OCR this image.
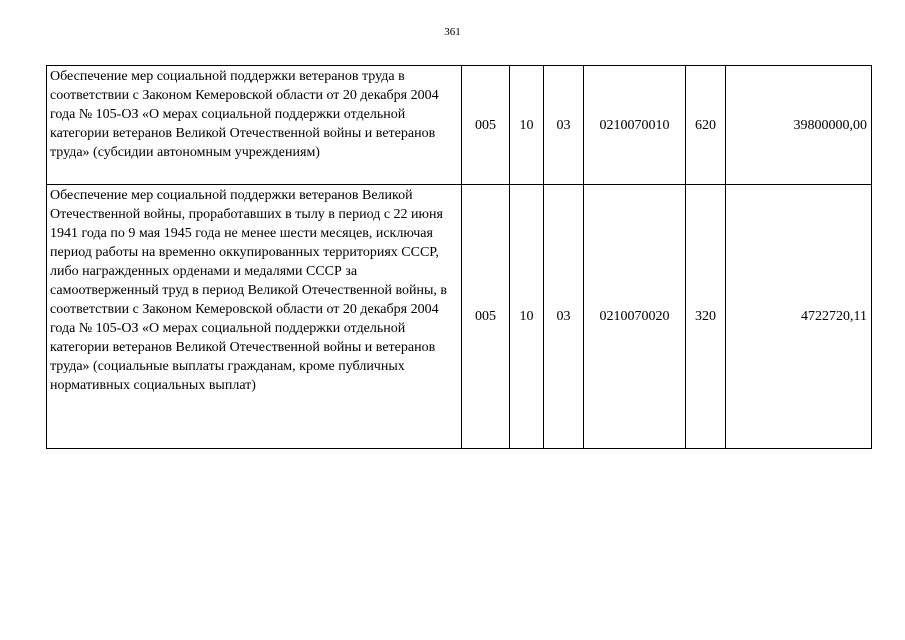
361
Обеспечение мер социальной поддержки ветеранов труда в соответствии с Законом Кемеровской области от 20 декабря 2004 года № 105-ОЗ «О мерах социальной поддержки отдельной категории ветеранов Великой Отечественной войны и ветеранов труда» (субсидии автономным учреждениям)	005	10	03	0210070010	620	39800000,00
Обеспечение мер социальной поддержки ветеранов Великой Отечественной войны, проработавших в тылу в период с 22 июня 1941 года по 9 мая 1945 года не менее шести месяцев, исключая период работы на временно оккупированных территориях СССР, либо награжденных орденами и медалями СССР за самоотверженный труд в период Великой Отечественной войны, в соответствии с Законом Кемеровской области от 20 декабря 2004 года № 105-ОЗ «О мерах социальной поддержки отдельной категории ветеранов Великой Отечественной войны и ветеранов труда» (социальные выплаты гражданам, кроме публичных нормативных социальных выплат)	005	10	03	0210070020	320	4722720,11
